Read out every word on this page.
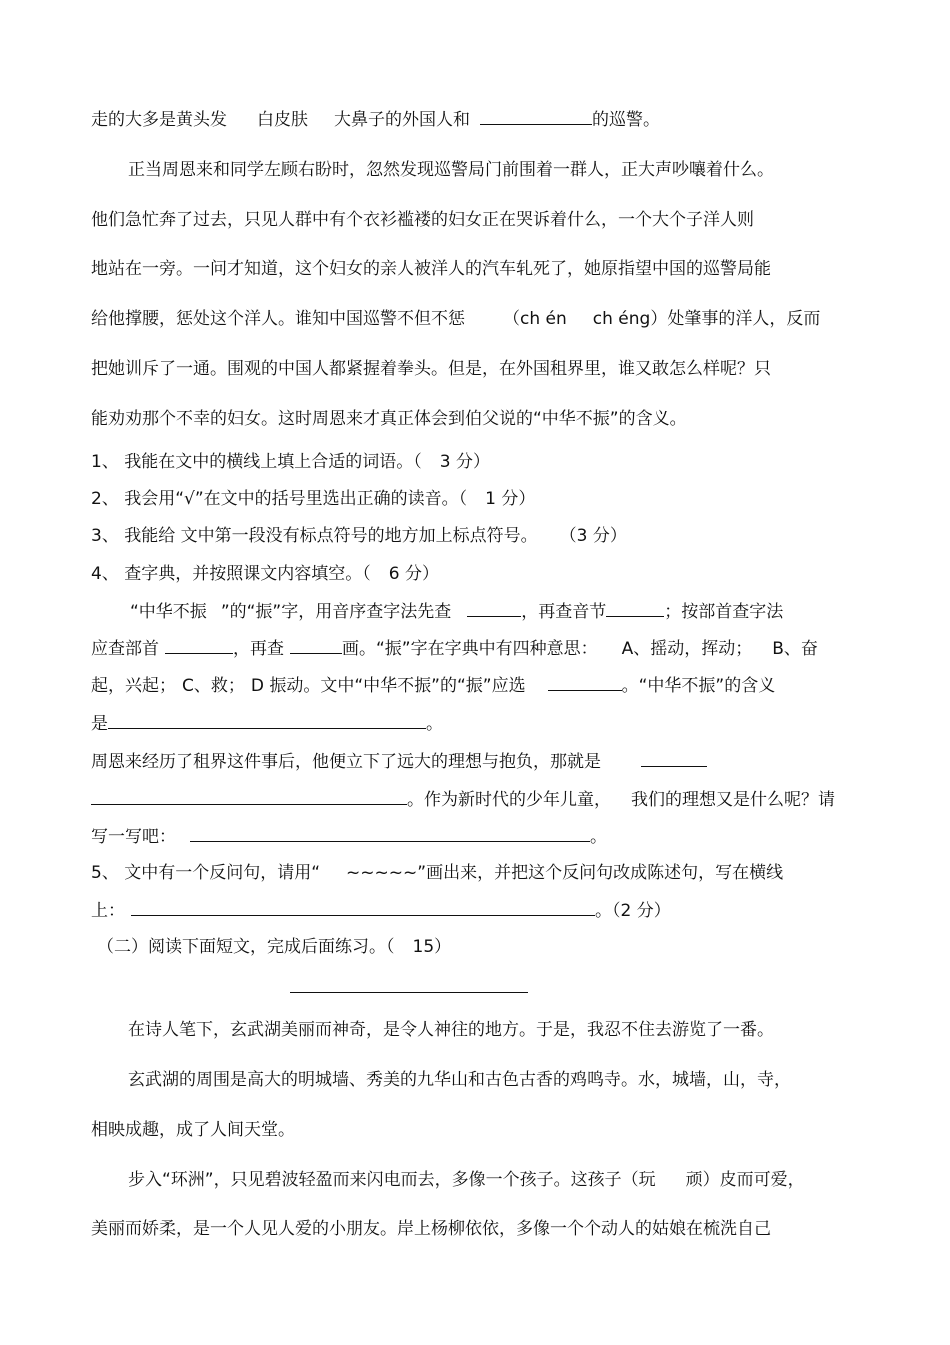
走的大多是黄头发 白皮肤 大鼻子的外国人和	的巡警。
正当周恩来和同学左顾右盼时，忽然发现巡警局门前围着一群人，正大声吵嚷着什么。
他们急忙奔了过去，只见人群中有个衣衫褴褛的妇女正在哭诉着什么，一个大个子洋人则
地站在一旁。一问才知道，这个妇女的亲人被洋人的汽车轧死了，她原指望中国的巡警局能
给他撑腰，惩处这个洋人。谁知中国巡警不但不惩 （ch én ch éng）处肇事的洋人，反而
把她训斥了一通。围观的中国人都紧握着拳头。但是，在外国租界里，谁又敢怎么样呢？只
能劝劝那个不幸的妇女。这时周恩来才真正体会到伯父说的“中华不振”的含义。
1、 我能在文中的横线上填上合适的词语。（ 3 分）
2、 我会用“√”在文中的括号里选出正确的读音。（ 1 分）
3、 我能给 文中第一段没有标点符号的地方加上标点符号。 （3 分）
4、 查字典，并按照课文内容填空。（ 6 分）
“中华不振 ”的“振”字，用音序查字法先查	，再查音节	；按部首查字法
应查部首	，再查	画。“振”字在字典中有四种意思： A、摇动，挥动； B、奋
起，兴起； C、救； D 振动。文中“中华不振”的“振”应选	。“中华不振”的含义
是	。
周恩来经历了租界这件事后，他便立下了远大的理想与抱负，那就是
。作为新时代的少年儿童， 我们的理想又是什么呢？请
写一写吧：	。
5、 文中有一个反问句，请用“ ~~~~~”画出来，并把这个反问句改成陈述句，写在横线
上：	。（2 分）
（二）阅读下面短文，完成后面练习。（ 15）
在诗人笔下，玄武湖美丽而神奇，是令人神往的地方。于是，我忍不住去游览了一番。
玄武湖的周围是高大的明城墙、秀美的九华山和古色古香的鸡鸣寺。水，城墙，山，寺，
相映成趣，成了人间天堂。
步入“环洲”，只见碧波轻盈而来闪电而去，多像一个孩子。这孩子（玩 顽）皮而可爱，
美丽而娇柔，是一个人见人爱的小朋友。岸上杨柳依依，多像一个个动人的姑娘在梳洗自己
